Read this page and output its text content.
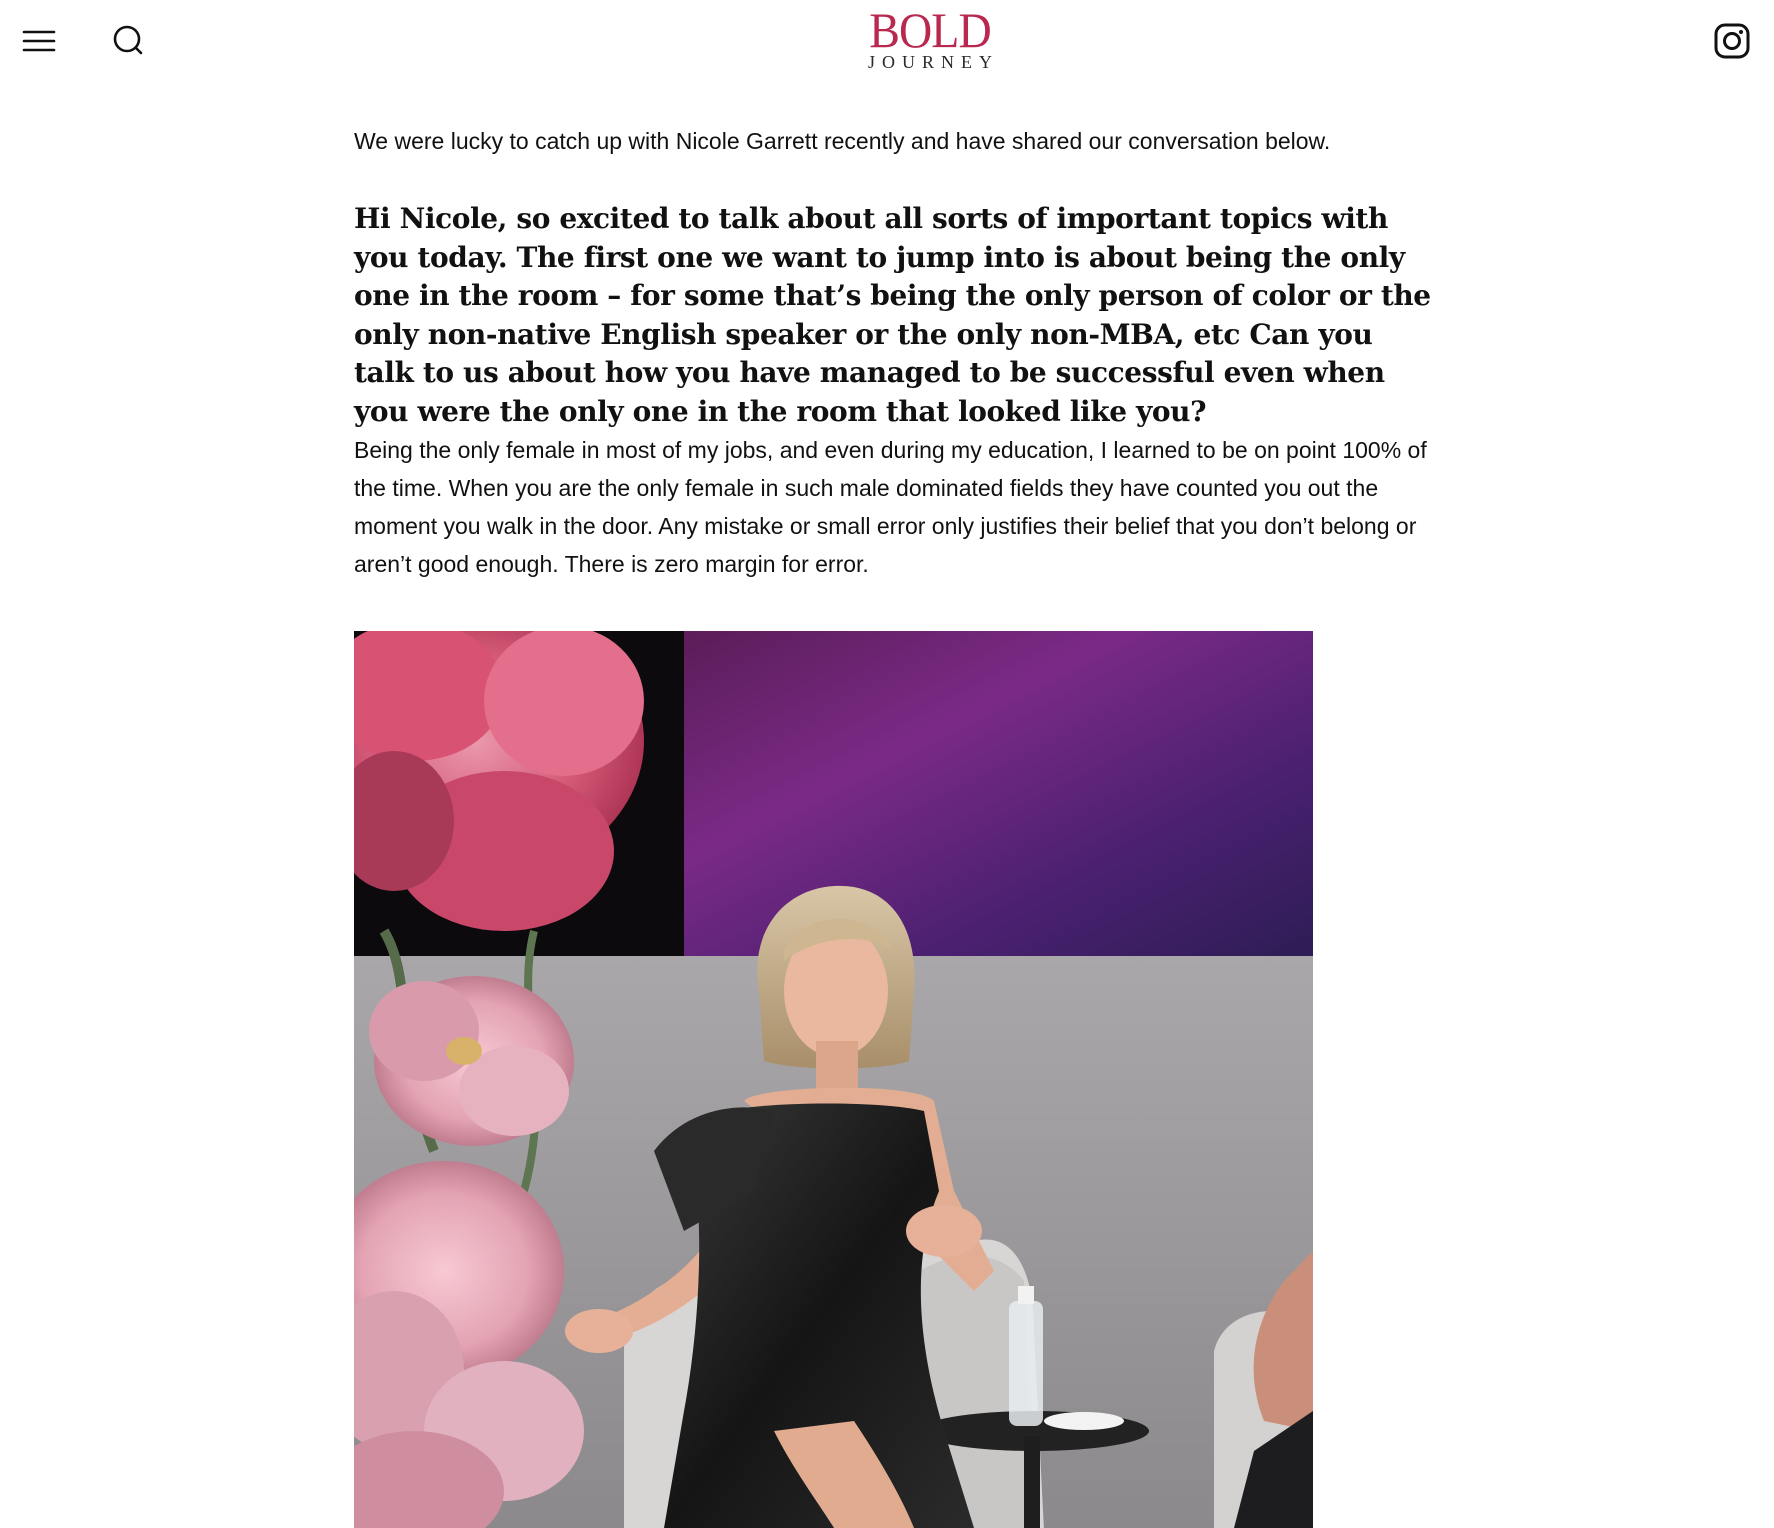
BOLD
JOURNEY

We were lucky to catch up with Nicole Garrett recently and have shared our conversation below.

Hi Nicole, so excited to talk about all sorts of important topics with you today. The first one we want to jump into is about being the only one in the room – for some that’s being the only person of color or the only non-native English speaker or the only non-MBA, etc Can you talk to us about how you have managed to be successful even when you were the only one in the room that looked like you?

Being the only female in most of my jobs, and even during my education, I learned to be on point 100% of the time. When you are the only female in such male dominated fields they have counted you out the moment you walk in the door. Any mistake or small error only justifies their belief that you don’t belong or aren’t good enough. There is zero margin for error.
